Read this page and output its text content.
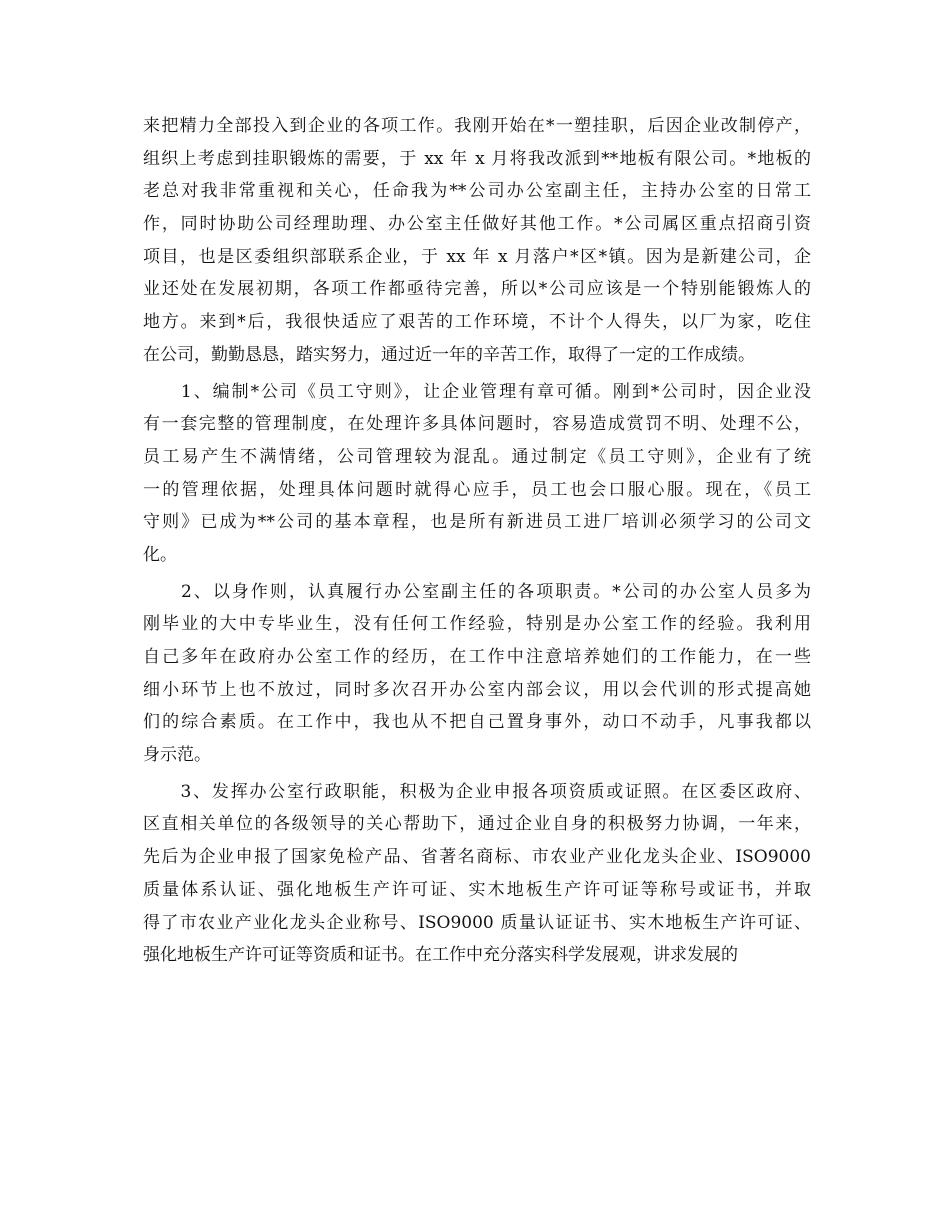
来把精力全部投入到企业的各项工作。我刚开始在*一塑挂职，后因企业改制停产，
组织上考虑到挂职锻炼的需要，于 xx 年 x 月将我改派到**地板有限公司。*地板的
老总对我非常重视和关心，任命我为**公司办公室副主任，主持办公室的日常工
作，同时协助公司经理助理、办公室主任做好其他工作。*公司属区重点招商引资
项目，也是区委组织部联系企业，于 xx 年 x 月落户*区*镇。因为是新建公司，企
业还处在发展初期，各项工作都亟待完善，所以*公司应该是一个特别能锻炼人的
地方。来到*后，我很快适应了艰苦的工作环境，不计个人得失，以厂为家，吃住
在公司，勤勤恳恳，踏实努力，通过近一年的辛苦工作，取得了一定的工作成绩。
　　1、编制*公司《员工守则》，让企业管理有章可循。刚到*公司时，因企业没
有一套完整的管理制度，在处理许多具体问题时，容易造成赏罚不明、处理不公，
员工易产生不满情绪，公司管理较为混乱。通过制定《员工守则》，企业有了统
一的管理依据，处理具体问题时就得心应手，员工也会口服心服。现在，《员工
守则》已成为**公司的基本章程，也是所有新进员工进厂培训必须学习的公司文
化。
　　2、以身作则，认真履行办公室副主任的各项职责。*公司的办公室人员多为
刚毕业的大中专毕业生，没有任何工作经验，特别是办公室工作的经验。我利用
自己多年在政府办公室工作的经历，在工作中注意培养她们的工作能力，在一些
细小环节上也不放过，同时多次召开办公室内部会议，用以会代训的形式提高她
们的综合素质。在工作中，我也从不把自己置身事外，动口不动手，凡事我都以
身示范。
　　3、发挥办公室行政职能，积极为企业申报各项资质或证照。在区委区政府、
区直相关单位的各级领导的关心帮助下，通过企业自身的积极努力协调，一年来，
先后为企业申报了国家免检产品、省著名商标、市农业产业化龙头企业、ISO9000
质量体系认证、强化地板生产许可证、实木地板生产许可证等称号或证书，并取
得了市农业产业化龙头企业称号、ISO9000 质量认证证书、实木地板生产许可证、
强化地板生产许可证等资质和证书。在工作中充分落实科学发展观，讲求发展的
